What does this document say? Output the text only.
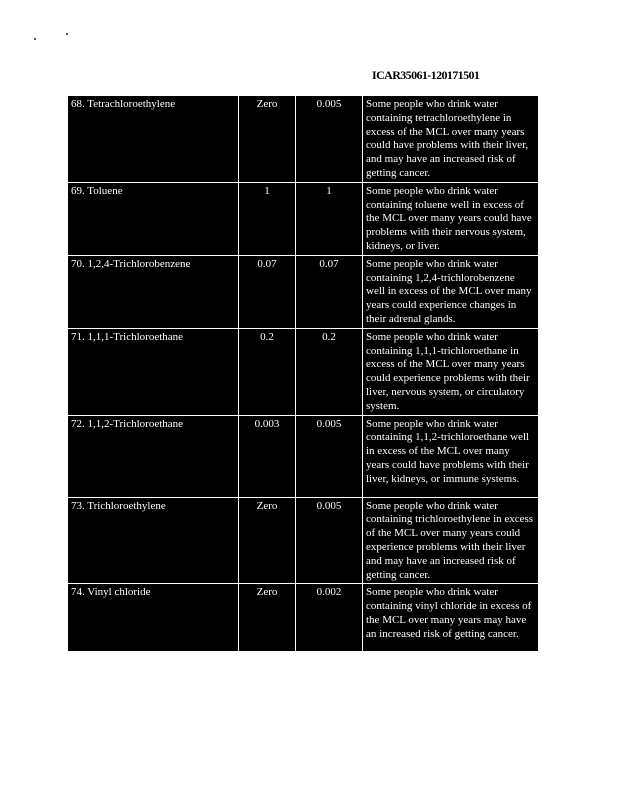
ICAR35061-120171501
68. Tetrachloroethylene	Zero	0.005	Some people who drink water containing tetrachloroethylene in excess of the MCL over many years could have problems with their liver, and may have an increased risk of getting cancer.
69. Toluene	1	1	Some people who drink water containing toluene well in excess of the MCL over many years could have problems with their nervous system, kidneys, or liver.
70. 1,2,4-Trichlorobenzene	0.07	0.07	Some people who drink water containing 1,2,4-trichlorobenzene well in excess of the MCL over many years could experience changes in their adrenal glands.
71. 1,1,1-Trichloroethane	0.2	0.2	Some people who drink water containing 1,1,1-trichloroethane in excess of the MCL over many years could experience problems with their liver, nervous system, or circulatory system.
72. 1,1,2-Trichloroethane	0.003	0.005	Some people who drink water containing 1,1,2-trichloroethane well in excess of the MCL over many years could have problems with their liver, kidneys, or immune systems.
73. Trichloroethylene	Zero	0.005	Some people who drink water containing trichloroethylene in excess of the MCL over many years could experience problems with their liver and may have an increased risk of getting cancer.
74. Vinyl chloride	Zero	0.002	Some people who drink water containing vinyl chloride in excess of the MCL over many years may have an increased risk of getting cancer.
